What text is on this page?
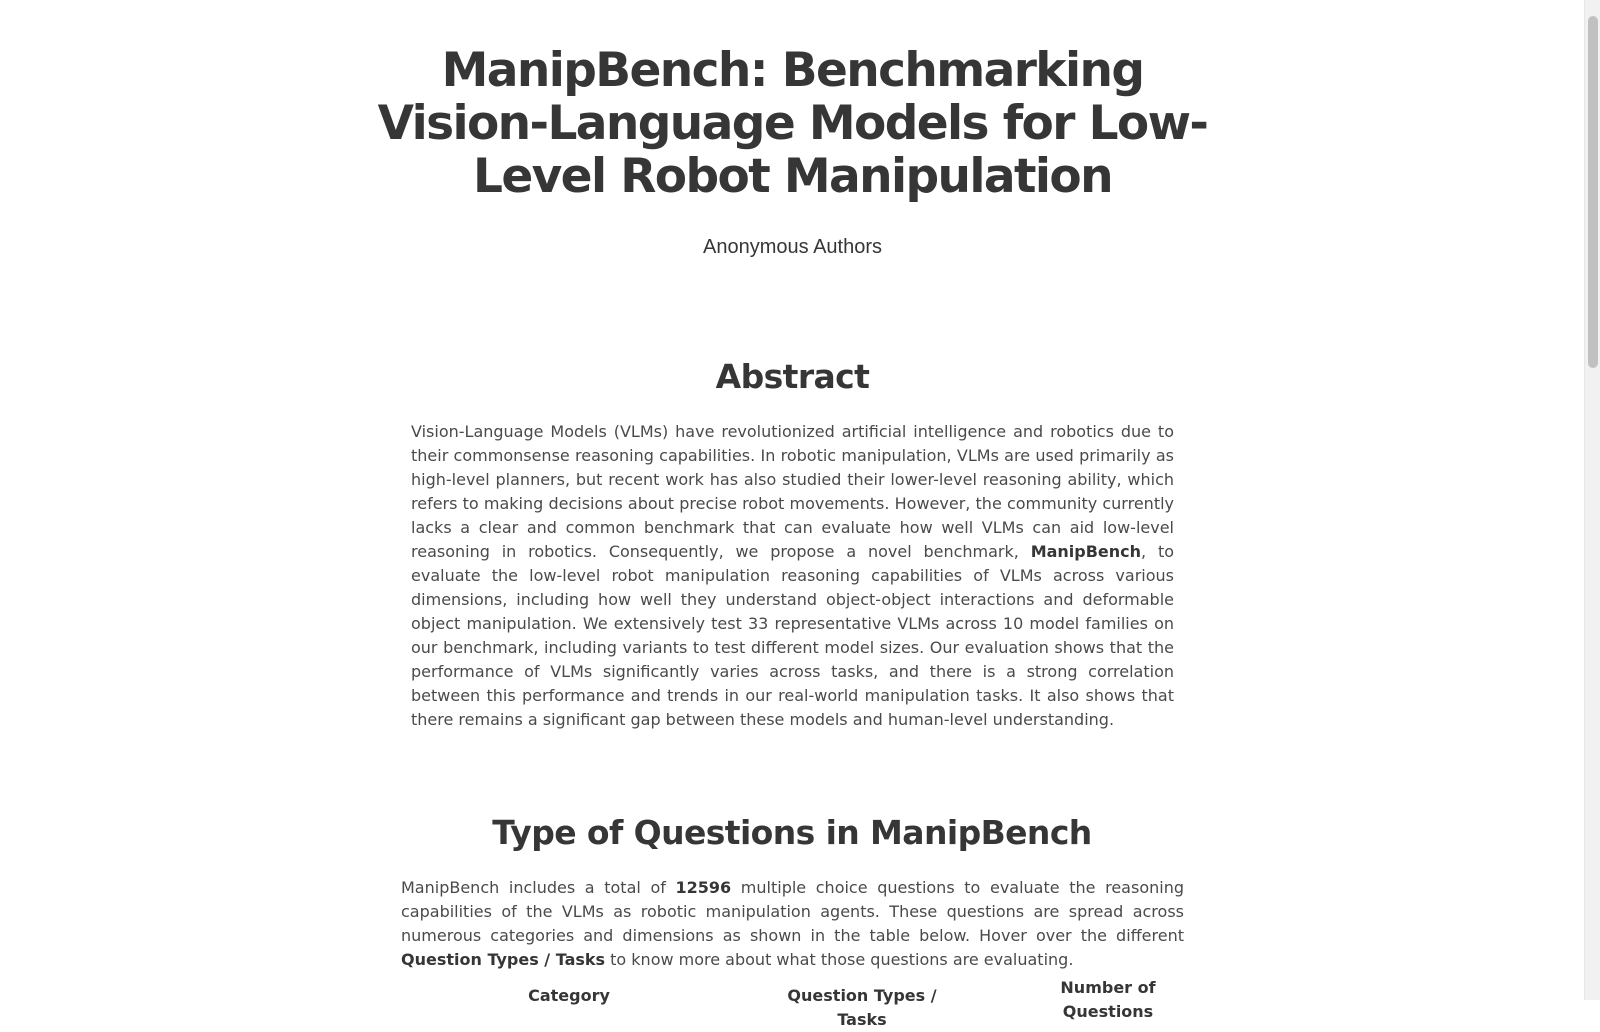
ManipBench: Benchmarking Vision-Language Models for Low-Level Robot Manipulation
Anonymous Authors
Abstract

Vision-Language Models (VLMs) have revolutionized artificial intelligence and robotics due to their commonsense reasoning capabilities. In robotic manipulation, VLMs are used primarily as high-level planners, but recent work has also studied their lower-level reasoning ability, which refers to making decisions about precise robot movements. However, the community currently lacks a clear and common benchmark that can evaluate how well VLMs can aid low-level reasoning in robotics. Consequently, we propose a novel benchmark, ManipBench, to evaluate the low-level robot manipulation reasoning capabilities of VLMs across various dimensions, including how well they understand object-object interactions and deformable object manipulation. We extensively test 33 representative VLMs across 10 model families on our benchmark, including variants to test different model sizes. Our evaluation shows that the performance of VLMs significantly varies across tasks, and there is a strong correlation between this performance and trends in our real-world manipulation tasks. It also shows that there remains a significant gap between these models and human-level understanding.

Type of Questions in ManipBench

ManipBench includes a total of 12596 multiple choice questions to evaluate the reasoning capabilities of the VLMs as robotic manipulation agents. These questions are spread across numerous categories and dimensions as shown in the table below. Hover over the different Question Types / Tasks to know more about what those questions are evaluating.

Category	Question Types / Tasks
Number of Questions
